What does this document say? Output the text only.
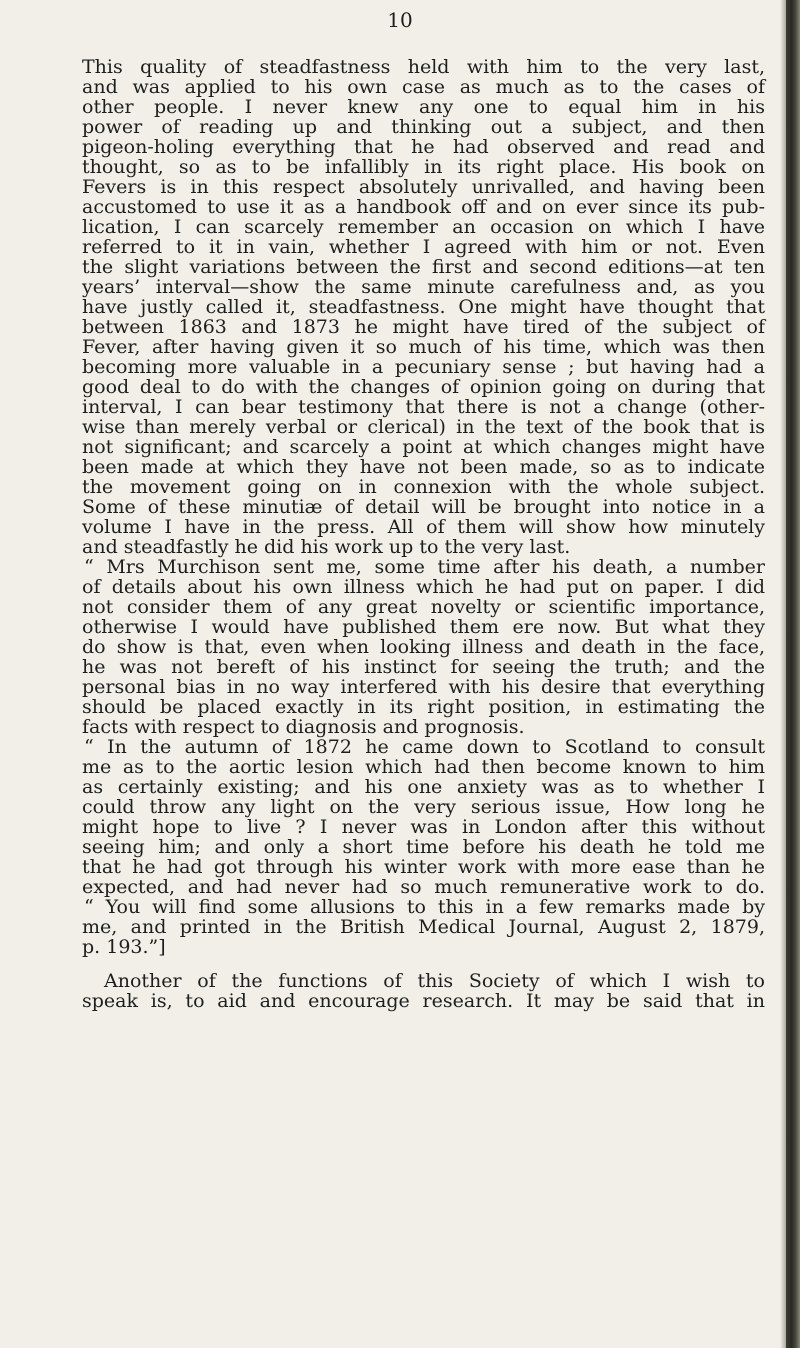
10
This quality of steadfastness held with him to the very last,
and was applied to his own case as much as to the cases of
other people. I never knew any one to equal him in his
power of reading up and thinking out a subject, and then
pigeon-holing everything that he had observed and read and
thought, so as to be infallibly in its right place. His book on
Fevers is in this respect absolutely unrivalled, and having been
accustomed to use it as a handbook off and on ever since its pub-
lication, I can scarcely remember an occasion on which I have
referred to it in vain, whether I agreed with him or not. Even
the slight variations between the first and second editions—at ten
years’ interval—show the same minute carefulness and, as you
have justly called it, steadfastness. One might have thought that
between 1863 and 1873 he might have tired of the subject of
Fever, after having given it so much of his time, which was then
becoming more valuable in a pecuniary sense ; but having had a
good deal to do with the changes of opinion going on during that
interval, I can bear testimony that there is not a change (other-
wise than merely verbal or clerical) in the text of the book that is
not significant; and scarcely a point at which changes might have
been made at which they have not been made, so as to indicate
the movement going on in connexion with the whole subject.
Some of these minutiæ of detail will be brought into notice in a
volume I have in the press. All of them will show how minutely
and steadfastly he did his work up to the very last.
“ Mrs Murchison sent me, some time after his death, a number
of details about his own illness which he had put on paper. I did
not consider them of any great novelty or scientific importance,
otherwise I would have published them ere now. But what they
do show is that, even when looking illness and death in the face,
he was not bereft of his instinct for seeing the truth; and the
personal bias in no way interfered with his desire that everything
should be placed exactly in its right position, in estimating the
facts with respect to diagnosis and prognosis.
“ In the autumn of 1872 he came down to Scotland to consult
me as to the aortic lesion which had then become known to him
as certainly existing; and his one anxiety was as to whether I
could throw any light on the very serious issue, How long he
might hope to live ? I never was in London after this without
seeing him; and only a short time before his death he told me
that he had got through his winter work with more ease than he
expected, and had never had so much remunerative work to do.
“ You will find some allusions to this in a few remarks made by
me, and printed in the British Medical Journal, August 2, 1879,
p. 193.”]
Another of the functions of this Society of which I wish to
speak is, to aid and encourage research. It may be said that in
